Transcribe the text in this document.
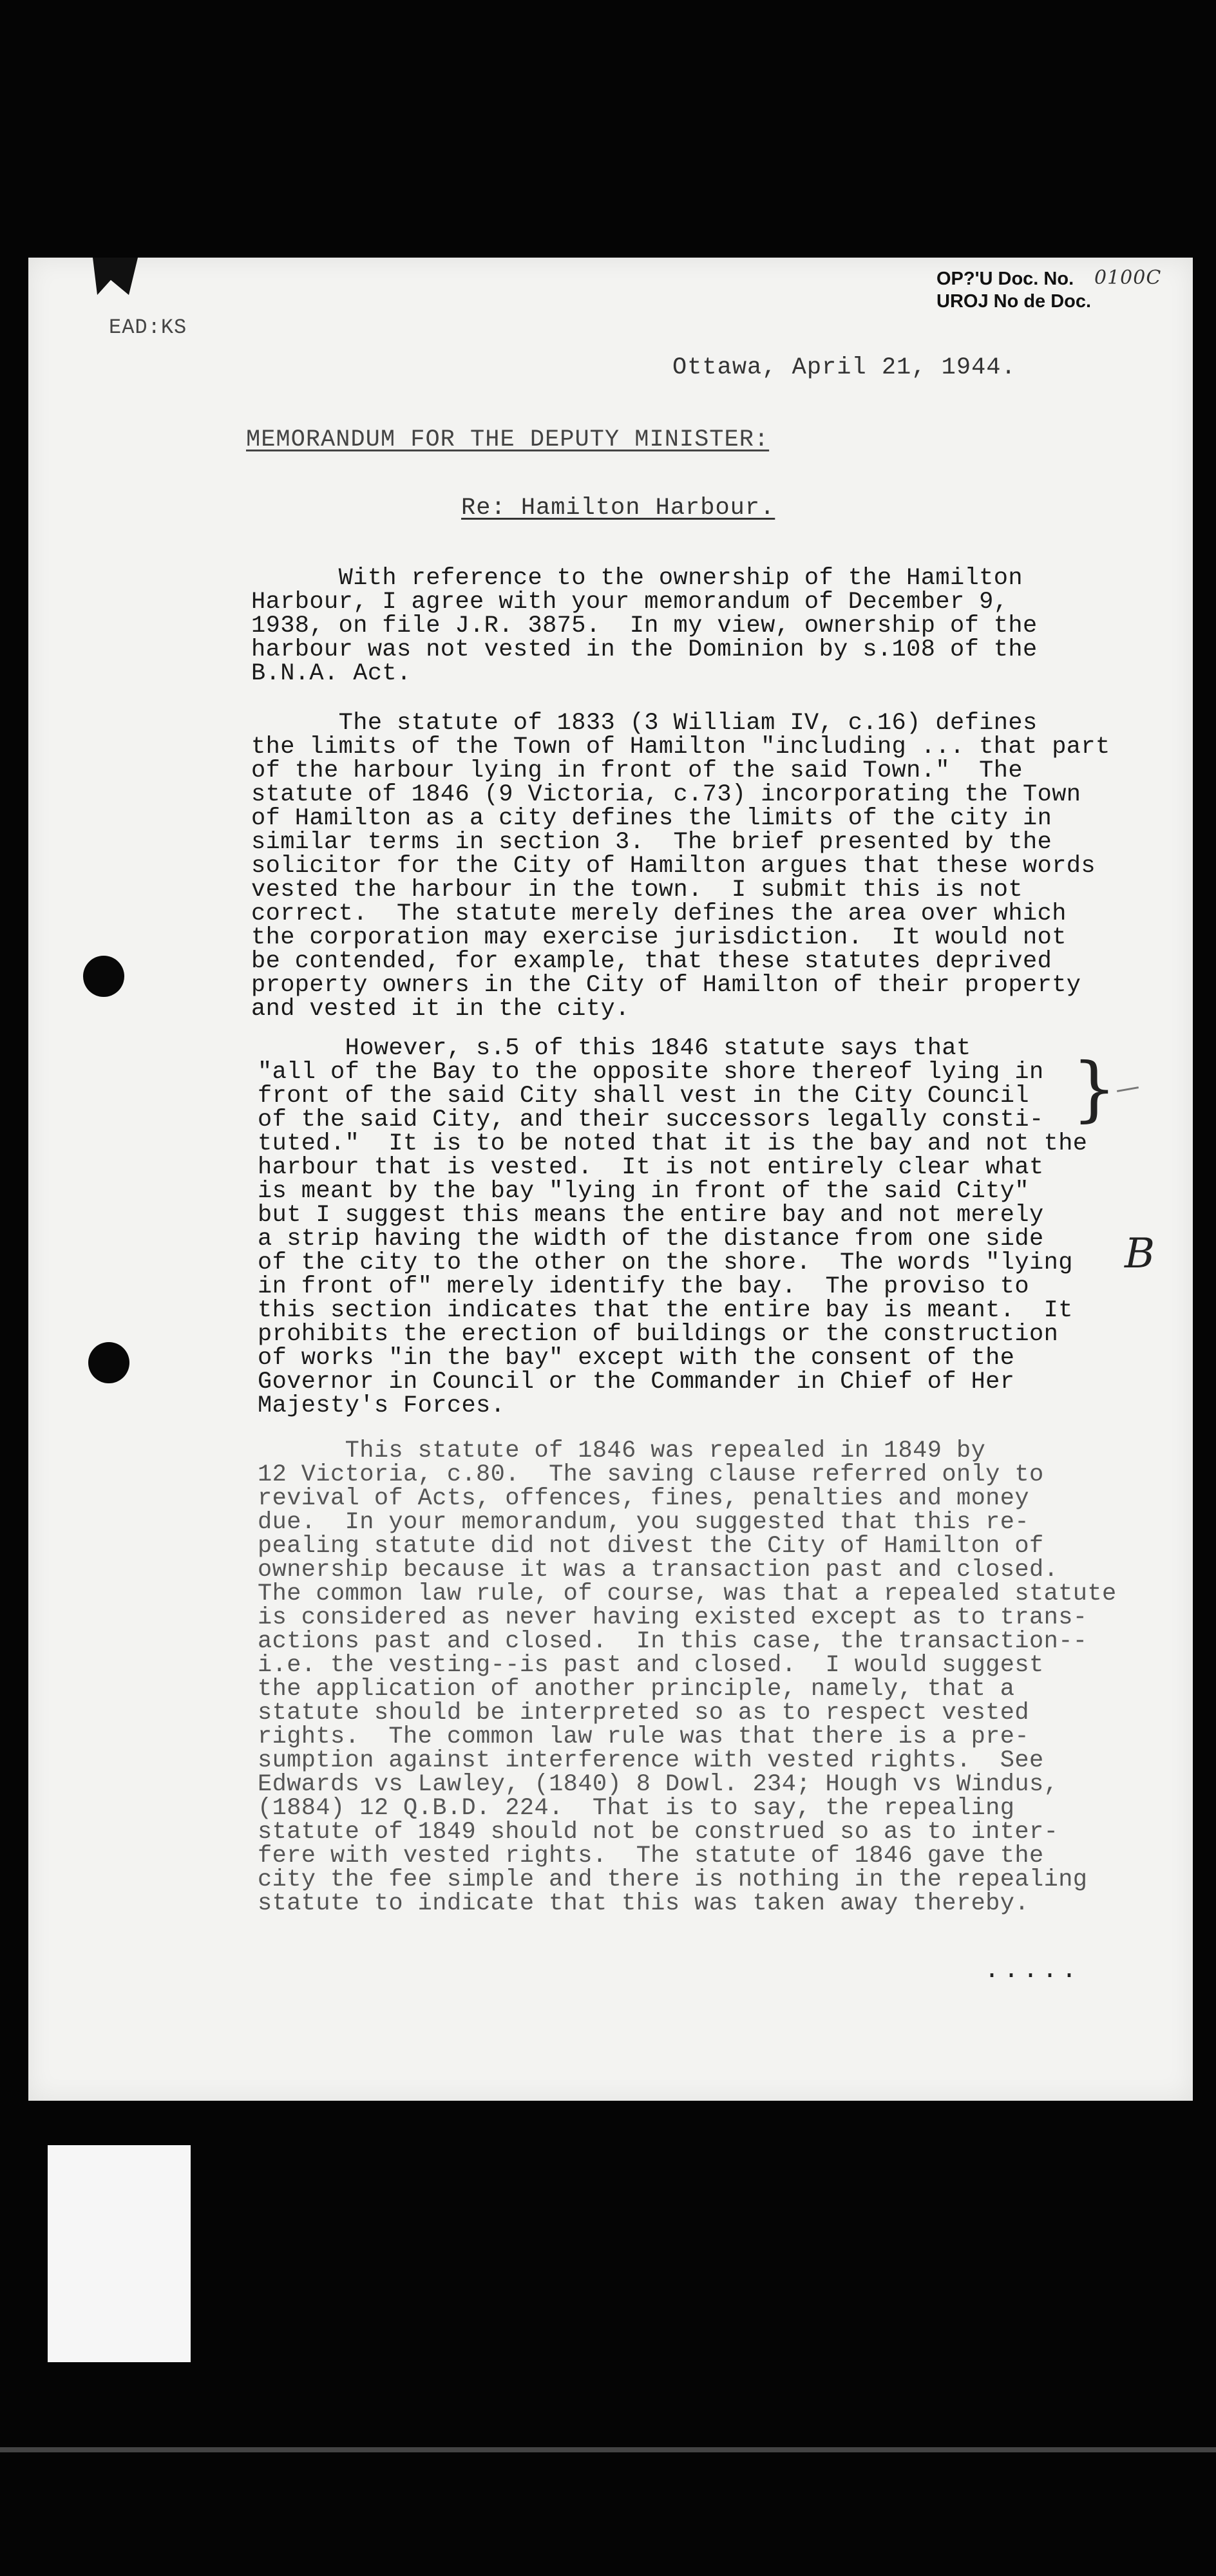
OP?'U Doc. No.
UROJ No de Doc.
0100C
EAD:KS
Ottawa, April 21, 1944.
MEMORANDUM FOR THE DEPUTY MINISTER:
Re: Hamilton Harbour.
With reference to the ownership of the Hamilton
Harbour, I agree with your memorandum of December 9,
1938, on file J.R. 3875.  In my view, ownership of the
harbour was not vested in the Dominion by s.108 of the
B.N.A. Act.
The statute of 1833 (3 William IV, c.16) defines
the limits of the Town of Hamilton "including ... that part
of the harbour lying in front of the said Town."  The
statute of 1846 (9 Victoria, c.73) incorporating the Town
of Hamilton as a city defines the limits of the city in
similar terms in section 3.  The brief presented by the
solicitor for the City of Hamilton argues that these words
vested the harbour in the town.  I submit this is not
correct.  The statute merely defines the area over which
the corporation may exercise jurisdiction.  It would not
be contended, for example, that these statutes deprived
property owners in the City of Hamilton of their property
and vested it in the city.
However, s.5 of this 1846 statute says that
"all of the Bay to the opposite shore thereof lying in
front of the said City shall vest in the City Council
of the said City, and their successors legally consti-
tuted."  It is to be noted that it is the bay and not the
harbour that is vested.  It is not entirely clear what
is meant by the bay "lying in front of the said City"
but I suggest this means the entire bay and not merely
a strip having the width of the distance from one side
of the city to the other on the shore.  The words "lying
in front of" merely identify the bay.  The proviso to
this section indicates that the entire bay is meant.  It
prohibits the erection of buildings or the construction
of works "in the bay" except with the consent of the
Governor in Council or the Commander in Chief of Her
Majesty's Forces.
This statute of 1846 was repealed in 1849 by
12 Victoria, c.80.  The saving clause referred only to
revival of Acts, offences, fines, penalties and money
due.  In your memorandum, you suggested that this re-
pealing statute did not divest the City of Hamilton of
ownership because it was a transaction past and closed.
The common law rule, of course, was that a repealed statute
is considered as never having existed except as to trans-
actions past and closed.  In this case, the transaction--
i.e. the vesting--is past and closed.  I would suggest
the application of another principle, namely, that a
statute should be interpreted so as to respect vested
rights.  The common law rule was that there is a pre-
sumption against interference with vested rights.  See
Edwards vs Lawley, (1840) 8 Dowl. 234; Hough vs Windus,
(1884) 12 Q.B.D. 224.  That is to say, the repealing
statute of 1849 should not be construed so as to inter-
fere with vested rights.  The statute of 1846 gave the
city the fee simple and there is nothing in the repealing
statute to indicate that this was taken away thereby.
}
B
.....
